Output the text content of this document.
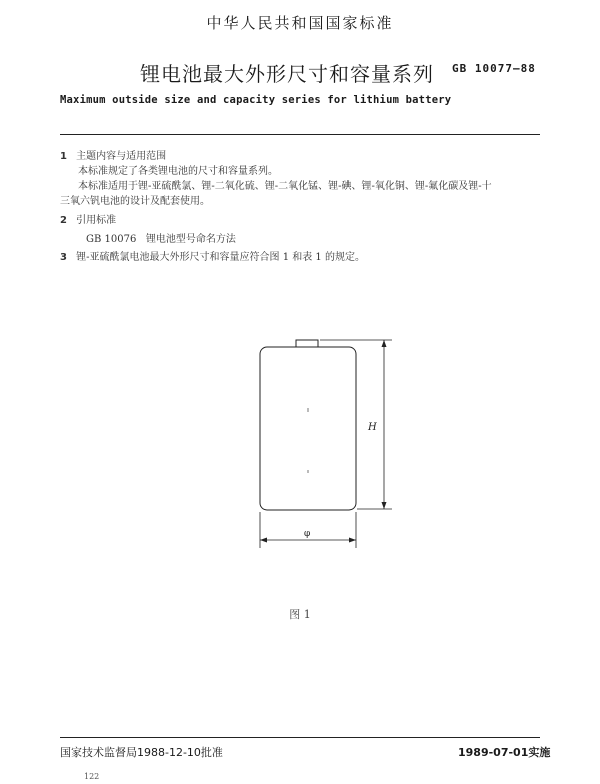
中华人民共和国国家标准
锂电池最大外形尺寸和容量系列 GB 10077—88
Maximum outside size and capacity series for lithium battery
1 主题内容与适用范围
本标准规定了各类锂电池的尺寸和容量系列。
本标准适用于锂-亚硫酰氯、锂-二氧化硫、锂-二氧化锰、锂-碘、锂-氧化铜、锂-氟化碳及锂-十
三氧六钒电池的设计及配套使用。
2 引用标准
GB 10076   锂电池型号命名方法
3 锂-亚硫酰氯电池最大外形尺寸和容量应符合图 1 和表 1 的规定。
H
φ
图 1
国家技术监督局1988-12-10批准	1989-07-01实施
122
